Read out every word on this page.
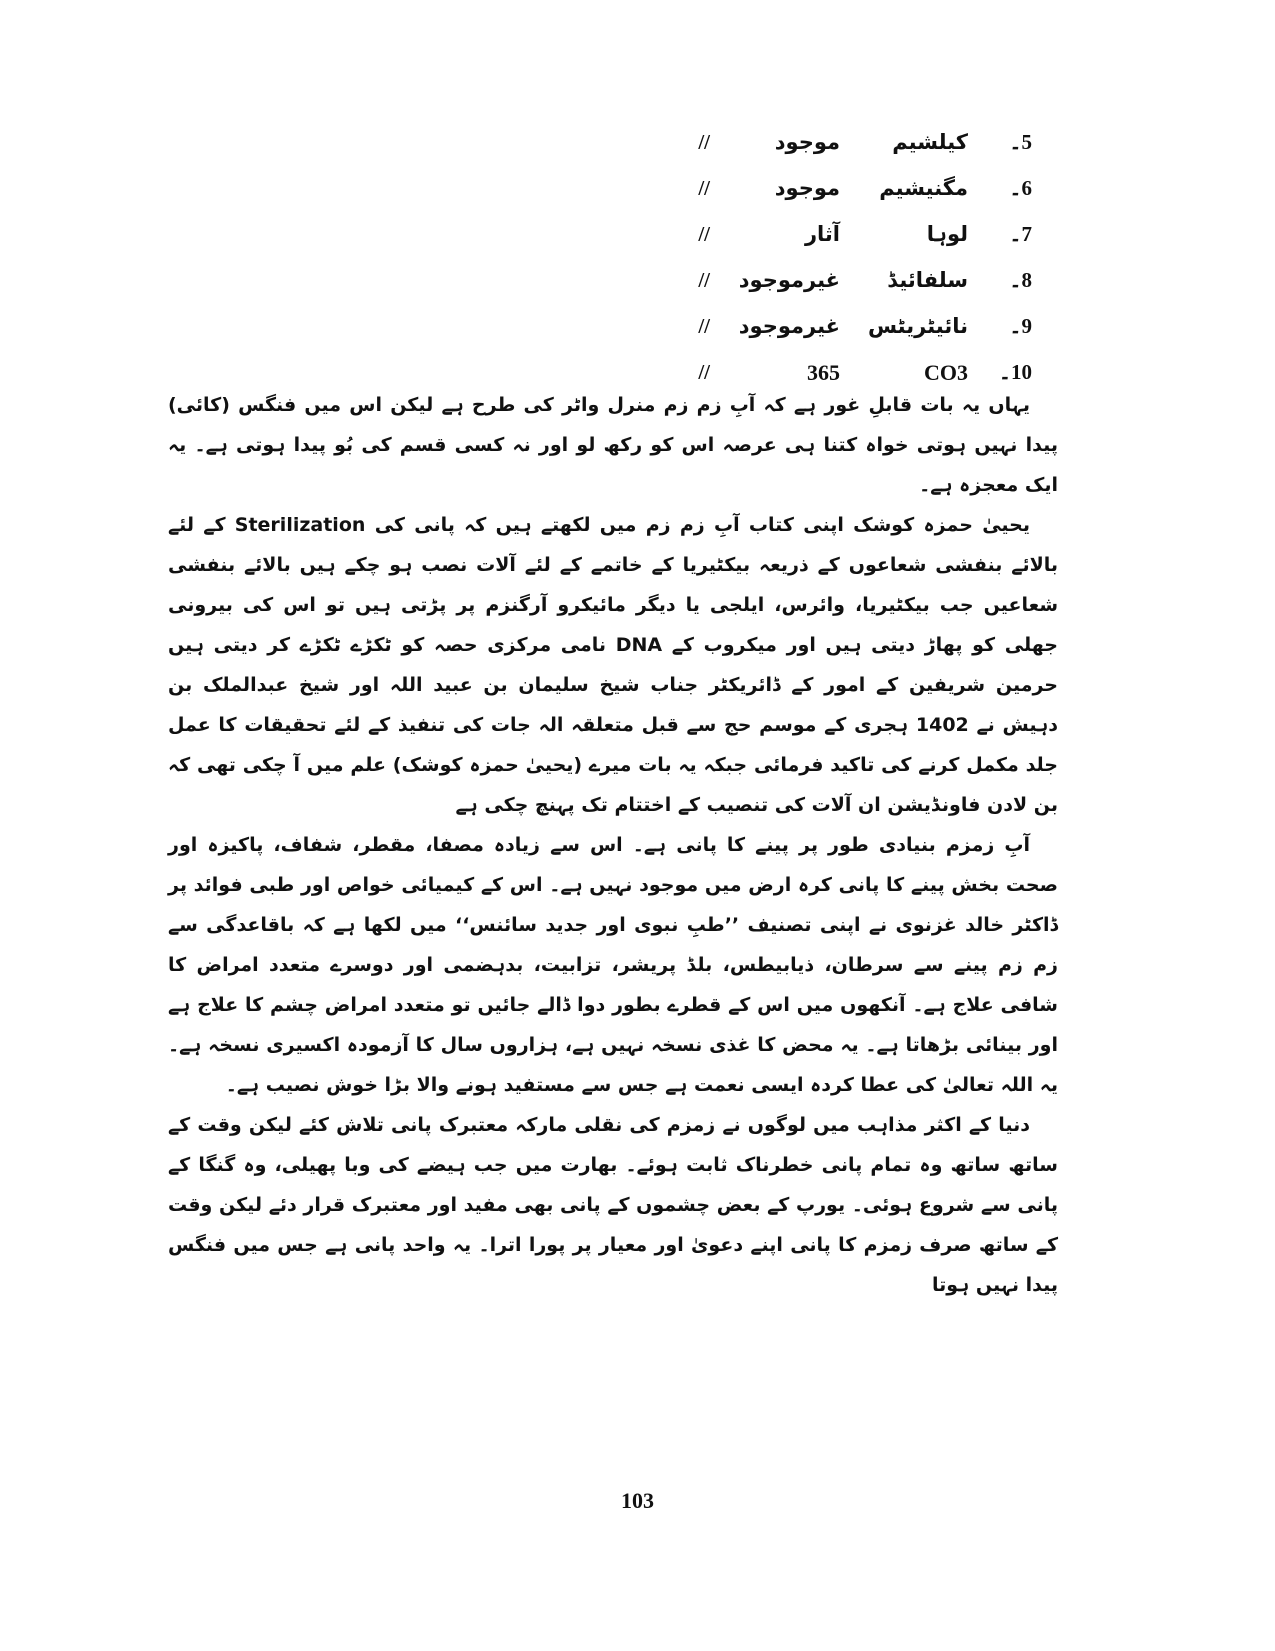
5۔
کیلشیم
موجود
//
6۔
مگنیشیم
موجود
//
7۔
لوہا
آثار
//
8۔
سلفائیڈ
غیرموجود
//
9۔
نائیٹریٹس
غیرموجود
//
10۔
CO3
365
//

یہاں یہ بات قابلِ غور ہے کہ آبِ زم زم منرل واٹر کی طرح ہے لیکن اس میں فنگس (کائی) پیدا نہیں ہوتی خواہ کتنا ہی عرصہ اس کو رکھ لو اور نہ کسی قسم کی بُو پیدا ہوتی ہے۔ یہ ایک معجزہ ہے۔

یحییٰ حمزہ کوشک اپنی کتاب آبِ زم زم میں لکھتے ہیں کہ پانی کی Sterilization کے لئے بالائے بنفشی شعاعوں کے ذریعہ بیکٹیریا کے خاتمے کے لئے آلات نصب ہو چکے ہیں بالائے بنفشی شعاعیں جب بیکٹیریا، وائرس، ایلجی یا دیگر مائیکرو آرگنزم پر پڑتی ہیں تو اس کی بیرونی جھلی کو پھاڑ دیتی ہیں اور میکروب کے DNA نامی مرکزی حصہ کو ٹکڑے ٹکڑے کر دیتی ہیں حرمین شریفین کے امور کے ڈائریکٹر جناب شیخ سلیمان بن عبید اللہ اور شیخ عبدالملک بن دہیش نے 1402 ہجری کے موسم حج سے قبل متعلقہ الہ جات کی تنفیذ کے لئے تحقیقات کا عمل جلد مکمل کرنے کی تاکید فرمائی جبکہ یہ بات میرے (یحییٰ حمزہ کوشک) علم میں آ چکی تھی کہ بن لادن فاونڈیشن ان آلات کی تنصیب کے اختتام تک پہنچ چکی ہے

آبِ زمزم بنیادی طور پر پینے کا پانی ہے۔ اس سے زیادہ مصفا، مقطر، شفاف، پاکیزہ اور صحت بخش پینے کا پانی کرہ ارض میں موجود نہیں ہے۔ اس کے کیمیائی خواص اور طبی فوائد پر ڈاکٹر خالد غزنوی نے اپنی تصنیف ’’طبِ نبوی اور جدید سائنس‘‘ میں لکھا ہے کہ باقاعدگی سے زم زم پینے سے سرطان، ذیابیطس، بلڈ پریشر، تزابیت، بدہضمی اور دوسرے متعدد امراض کا شافی علاج ہے۔ آنکھوں میں اس کے قطرے بطور دوا ڈالے جائیں تو متعدد امراض چشم کا علاج ہے اور بینائی بڑھاتا ہے۔ یہ محض کا غذی نسخہ نہیں ہے، ہزاروں سال کا آزمودہ اکسیری نسخہ ہے۔ یہ اللہ تعالیٰ کی عطا کردہ ایسی نعمت ہے جس سے مستفید ہونے والا بڑا خوش نصیب ہے۔

دنیا کے اکثر مذاہب میں لوگوں نے زمزم کی نقلی مارکہ معتبرک پانی تلاش کئے لیکن وقت کے ساتھ ساتھ وہ تمام پانی خطرناک ثابت ہوئے۔ بھارت میں جب ہیضے کی وبا پھیلی، وہ گنگا کے پانی سے شروع ہوئی۔ یورپ کے بعض چشموں کے پانی بھی مفید اور معتبرک قرار دئے لیکن وقت کے ساتھ صرف زمزم کا پانی اپنے دعویٰ اور معیار پر پورا اترا۔ یہ واحد پانی ہے جس میں فنگس پیدا نہیں ہوتا

103
